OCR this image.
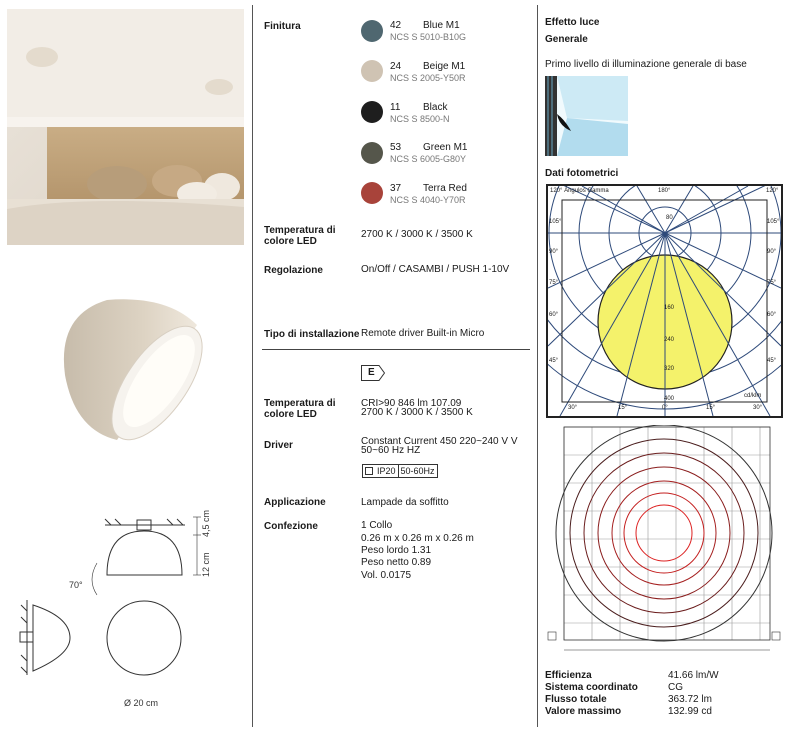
4,5 cm
12 cm
70°
Ø 20 cm
Finitura	42 Blue M1
NCS S 5010-B10G
24 Beige M1
NCS S 2005-Y50R
11 Black
NCS S 8500-N
53 Green M1
NCS S 6005-G80Y
37 Terra Red
NCS S 4040-Y70R
Temperatura di colore LED
2700 K / 3000 K / 3500 K
Regolazione	On/Off / CASAMBI / PUSH 1-10V
Tipo di installazione Remote driver Built-in Micro
E
Temperatura di colore LED
CRI>90 846 lm 107.09
2700 K / 3000 K / 3500 K
Driver	Constant Current 450 220~240 V V
50~60 Hz HZ
IP20 50-60Hz
Applicazione	Lampade da soffitto
Confezione	1 Collo
0.26 m x 0.26 m x 0.26 m
Peso lordo 1.31
Peso netto 0.89
Vol. 0.0175
Effetto luce
Generale
Primo livello di illuminazione generale di base
Dati fotometrici
120° Ángulos Gamma	180°	120°
105°
90°
75°
60°
45°
105°
90°
75°
60°
45°
80
160
240
320
400	cd/klm
30°	15°	0°	15°	30°
Efficienza	41.66 lm/W
Sistema coordinato	CG
Flusso totale	363.72 lm
Valore massimo	132.99 cd
